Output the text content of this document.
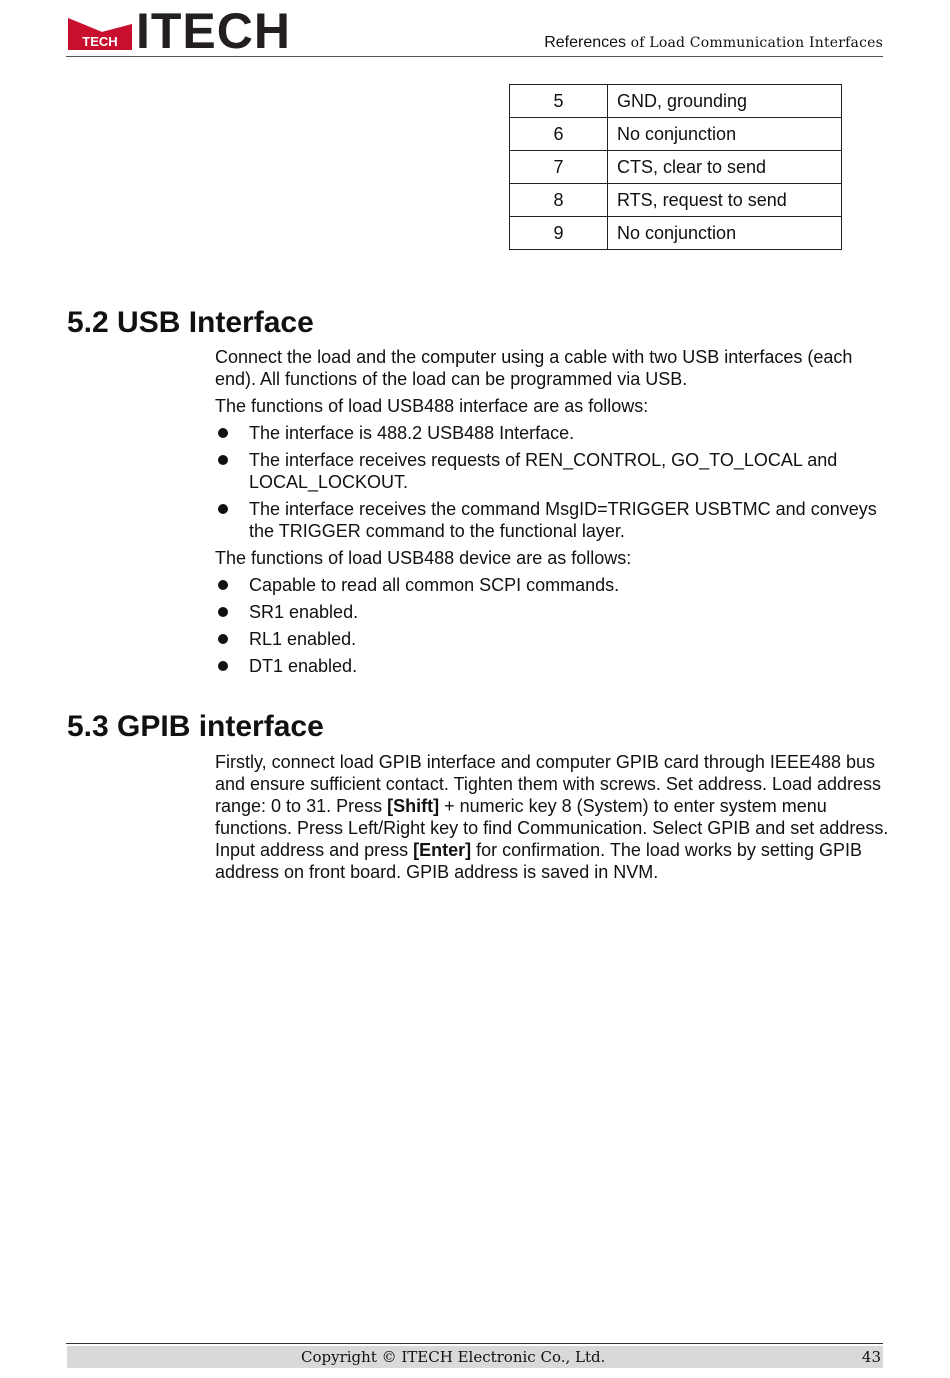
TECH ITECH	References of Load Communication Interfaces
5	GND, grounding
6	No conjunction
7	CTS, clear to send
8	RTS, request to send
9	No conjunction
5.2 USB Interface

Connect the load and the computer using a cable with two USB interfaces (each end). All functions of the load can be programmed via USB.

The functions of load USB488 interface are as follows:

The interface is 488.2 USB488 Interface.
The interface receives requests of REN_CONTROL, GO_TO_LOCAL and LOCAL_LOCKOUT.
The interface receives the command MsgID=TRIGGER USBTMC and conveys the TRIGGER command to the functional layer.

The functions of load USB488 device are as follows:

Capable to read all common SCPI commands.
SR1 enabled.
RL1 enabled.
DT1 enabled.
5.3 GPIB interface

Firstly, connect load GPIB interface and computer GPIB card through IEEE488 bus and ensure sufficient contact. Tighten them with screws. Set address. Load address range: 0 to 31. Press [Shift] + numeric key 8 (System) to enter system menu functions. Press Left/Right key to find Communication. Select GPIB and set address. Input address and press [Enter] for confirmation. The load works by setting GPIB address on front board. GPIB address is saved in NVM.

Copyright © ITECH Electronic Co., Ltd.	43
